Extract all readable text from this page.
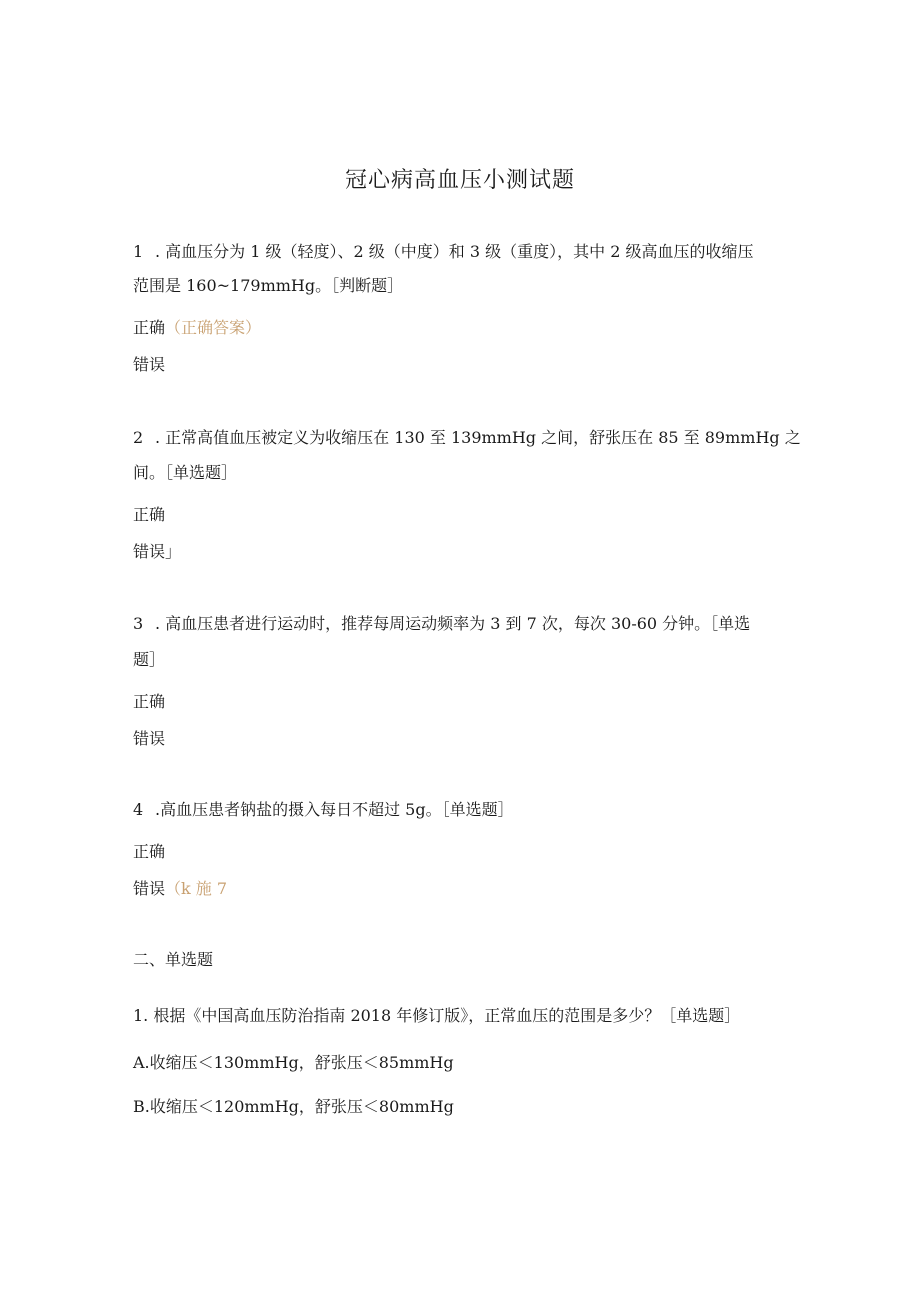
冠心病高血压小测试题
1 . 高血压分为 1 级（轻度）、2 级（中度）和 3 级（重度），其中 2 级高血压的收缩压
范围是 160~179mmHg。［判断题］
正确（正确答案）
错误
2 . 正常高值血压被定义为收缩压在 130 至 139mmHg 之间，舒张压在 85 至 89mmHg 之
间。［单选题］
正确
错误」
3 . 高血压患者进行运动时，推荐每周运动频率为 3 到 7 次，每次 30-60 分钟。［单选
题］
正确
错误
4 .高血压患者钠盐的摄入每日不超过 5g。［单选题］
正确
错误（k 施 7
二、单选题
1. 根据《中国高血压防治指南 2018 年修订版》，正常血压的范围是多少？［单选题］
A.收缩压＜130mmHg，舒张压＜85mmHg
B.收缩压＜120mmHg，舒张压＜80mmHg
